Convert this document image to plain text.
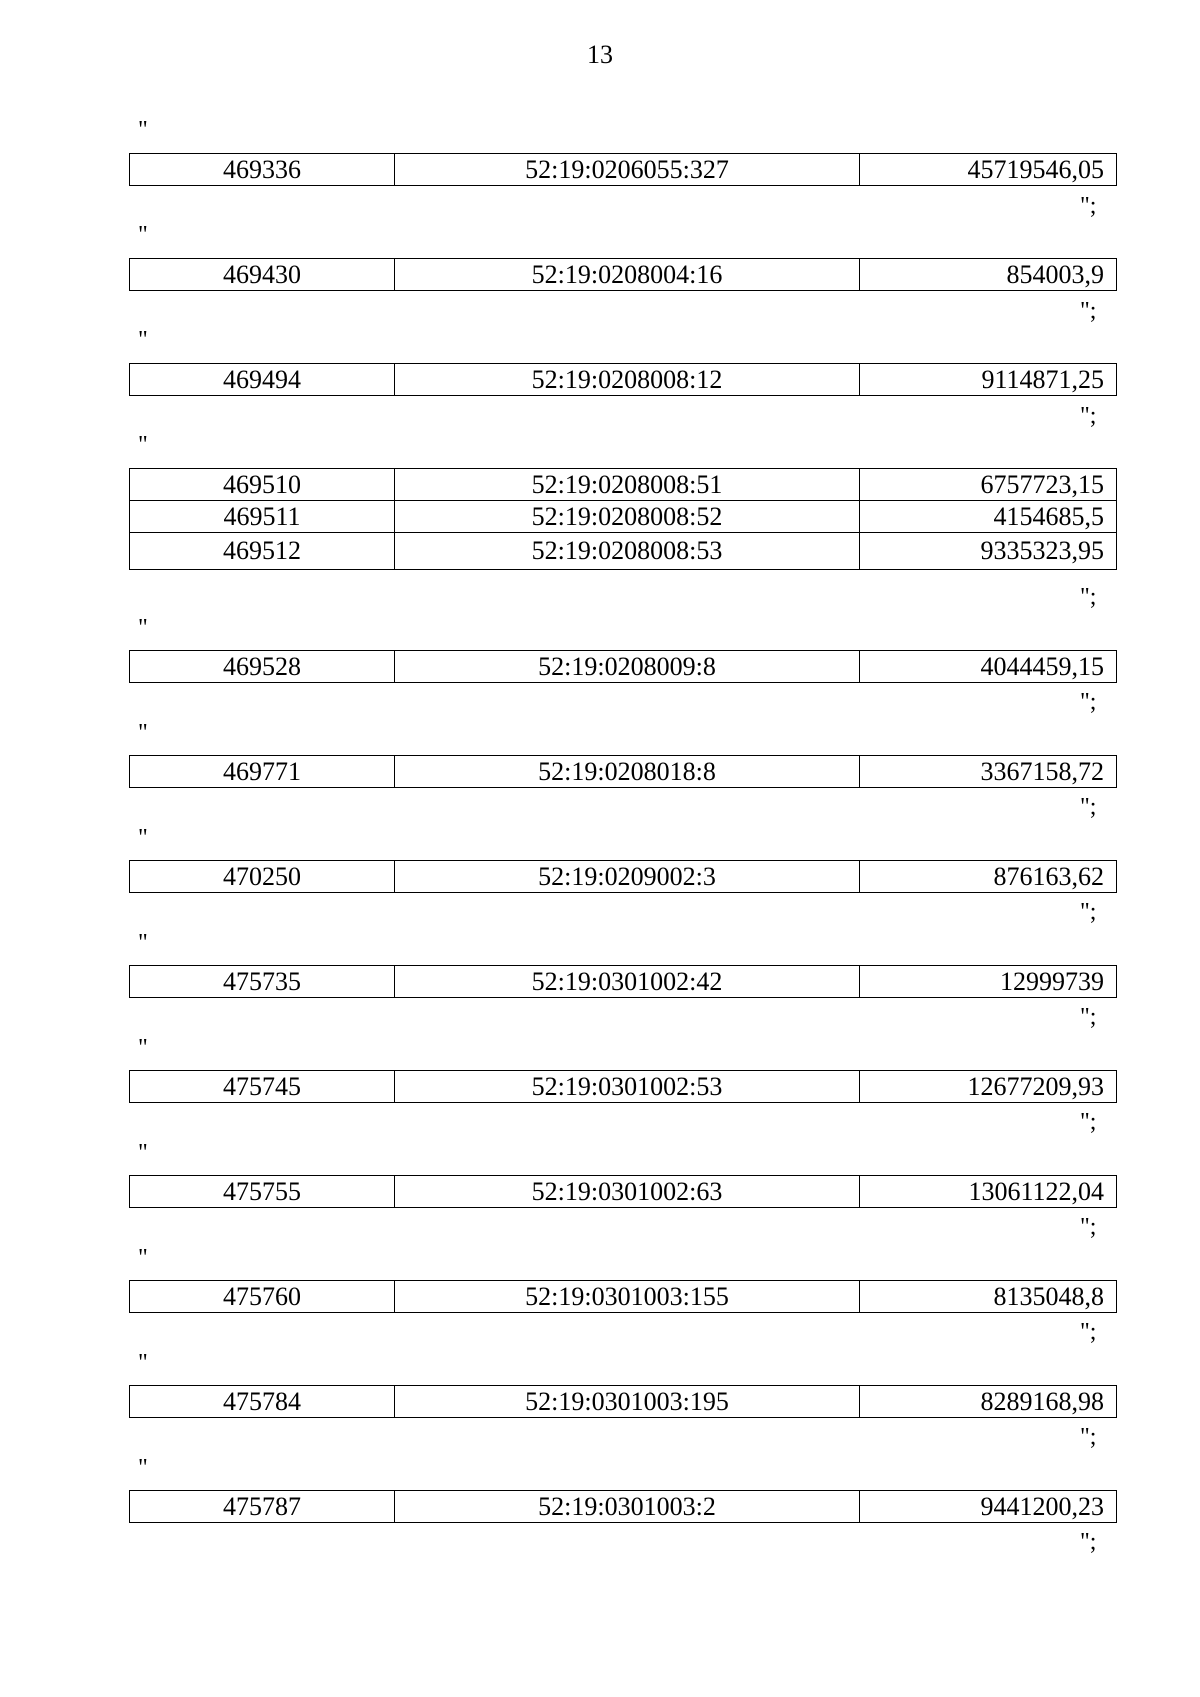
13
"
469336	52:19:0206055:327	45719546,05
";
"
469430	52:19:0208004:16	854003,9
";
"
469494	52:19:0208008:12	9114871,25
";
"
469510	52:19:0208008:51	6757723,15
469511	52:19:0208008:52	4154685,5
469512	52:19:0208008:53	9335323,95
";
"
469528	52:19:0208009:8	4044459,15
";
"
469771	52:19:0208018:8	3367158,72
";
"
470250	52:19:0209002:3	876163,62
";
"
475735	52:19:0301002:42	12999739
";
"
475745	52:19:0301002:53	12677209,93
";
"
475755	52:19:0301002:63	13061122,04
";
"
475760	52:19:0301003:155	8135048,8
";
"
475784	52:19:0301003:195	8289168,98
";
"
475787	52:19:0301003:2	9441200,23
";
